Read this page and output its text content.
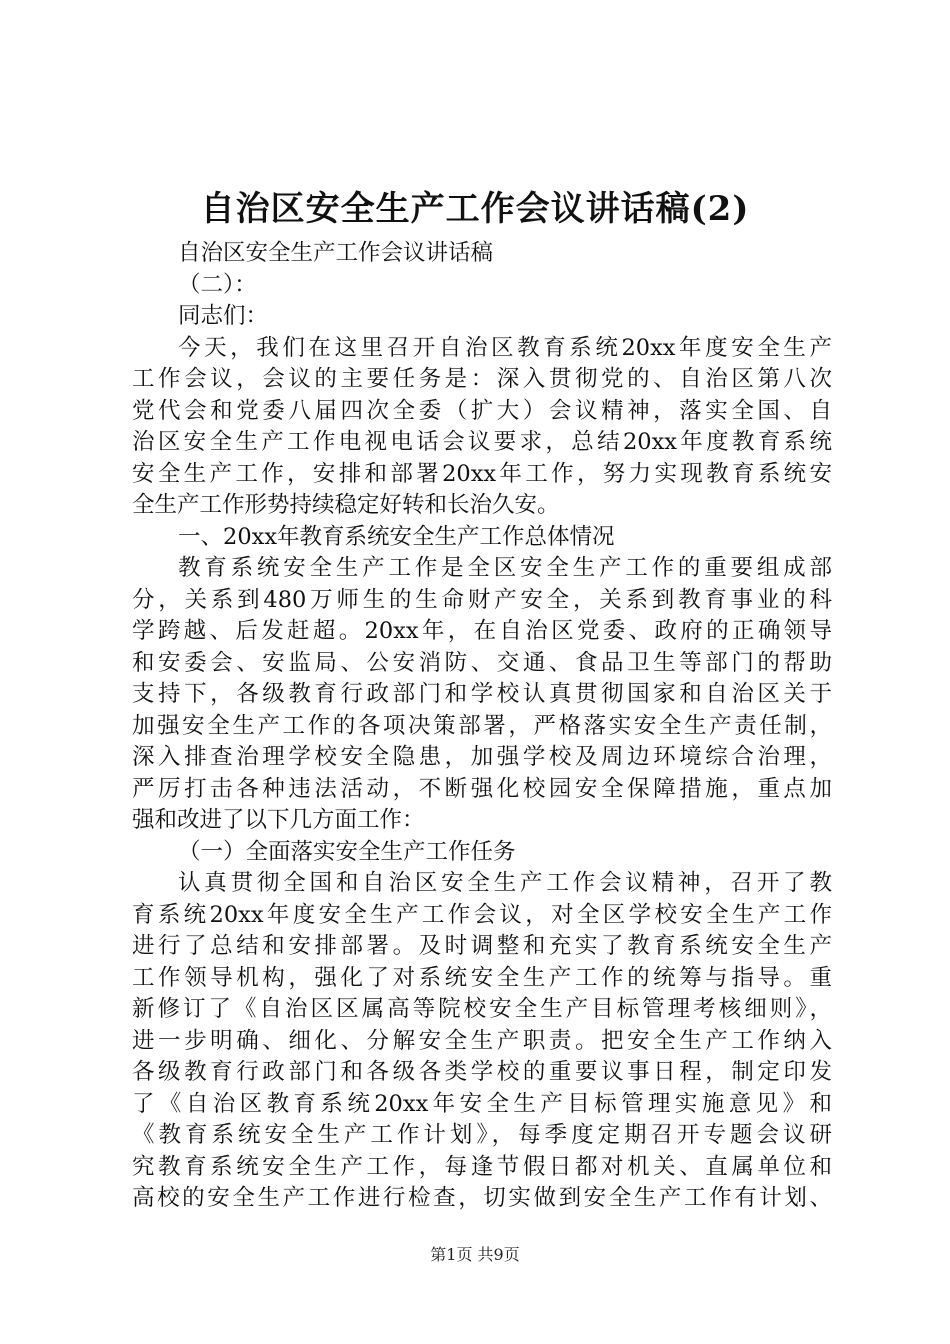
自治区安全生产工作会议讲话稿(2)

自治区安全生产工作会议讲话稿

（二）：

同志们：

今天，我们在这里召开自治区教育系统20xx年度安全生产

工作会议，会议的主要任务是：深入贯彻党的、自治区第八次

党代会和党委八届四次全委（扩大）会议精神，落实全国、自

治区安全生产工作电视电话会议要求，总结20xx年度教育系统

安全生产工作，安排和部署20xx年工作，努力实现教育系统安

全生产工作形势持续稳定好转和长治久安。

一、20xx年教育系统安全生产工作总体情况

教育系统安全生产工作是全区安全生产工作的重要组成部

分，关系到480万师生的生命财产安全，关系到教育事业的科

学跨越、后发赶超。20xx年，在自治区党委、政府的正确领导

和安委会、安监局、公安消防、交通、食品卫生等部门的帮助

支持下，各级教育行政部门和学校认真贯彻国家和自治区关于

加强安全生产工作的各项决策部署，严格落实安全生产责任制，

深入排查治理学校安全隐患，加强学校及周边环境综合治理，

严厉打击各种违法活动，不断强化校园安全保障措施，重点加

强和改进了以下几方面工作：

（一）全面落实安全生产工作任务

认真贯彻全国和自治区安全生产工作会议精神，召开了教

育系统20xx年度安全生产工作会议，对全区学校安全生产工作

进行了总结和安排部署。及时调整和充实了教育系统安全生产

工作领导机构，强化了对系统安全生产工作的统筹与指导。重

新修订了《自治区区属高等院校安全生产目标管理考核细则》，

进一步明确、细化、分解安全生产职责。把安全生产工作纳入

各级教育行政部门和各级各类学校的重要议事日程，制定印发

了《自治区教育系统20xx年安全生产目标管理实施意见》和

《教育系统安全生产工作计划》，每季度定期召开专题会议研

究教育系统安全生产工作，每逢节假日都对机关、直属单位和

高校的安全生产工作进行检查，切实做到安全生产工作有计划、

第1页 共9页
